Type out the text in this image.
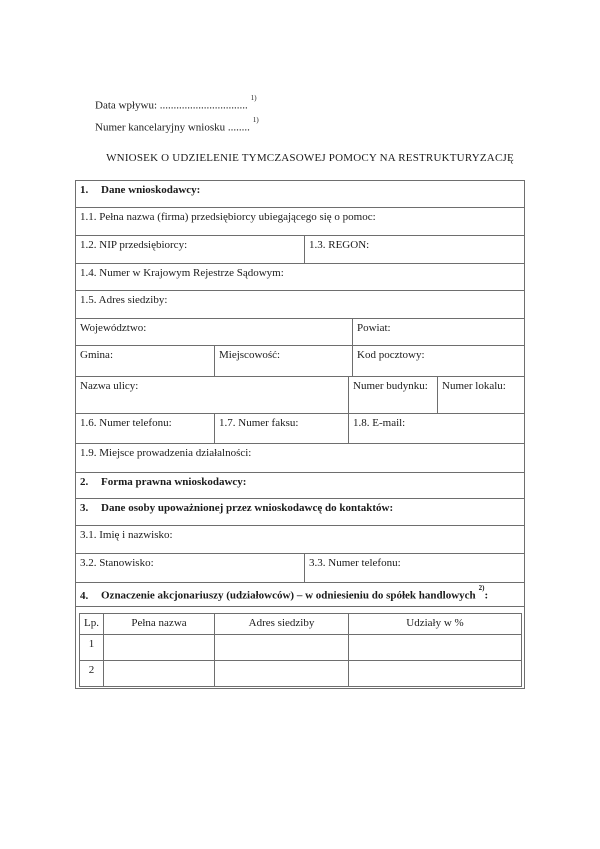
Data wpływu: ................................$^{1)}$
Numer kancelaryjny wniosku ........$^{1)}$
WNIOSEK O UDZIELENIE TYMCZASOWEJ POMOCY NA RESTRUKTURYZACJĘ
1. Dane wnioskodawcy:
1.1. Pełna nazwa (firma) przedsiębiorcy ubiegającego się o pomoc:
1.2. NIP przedsiębiorcy:	1.3. REGON:
1.4. Numer w Krajowym Rejestrze Sądowym:
1.5. Adres siedziby:
Województwo:	Powiat:
Gmina:	Miejscowość:	Kod pocztowy:
Nazwa ulicy:	Numer budynku:	Numer lokalu:
1.6. Numer telefonu:	1.7. Numer faksu:	1.8. E-mail:
1.9. Miejsce prowadzenia działalności:
2. Forma prawna wnioskodawcy:
3. Dane osoby upoważnionej przez wnioskodawcę do kontaktów:
3.1. Imię i nazwisko:
3.2. Stanowisko:	3.3. Numer telefonu:
4. Oznaczenie akcjonariuszy (udziałowców) – w odniesieniu do spółek handlowych$^{2)}$:
Lp.	Pełna nazwa	Adres siedziby	Udziały w %
1
2
